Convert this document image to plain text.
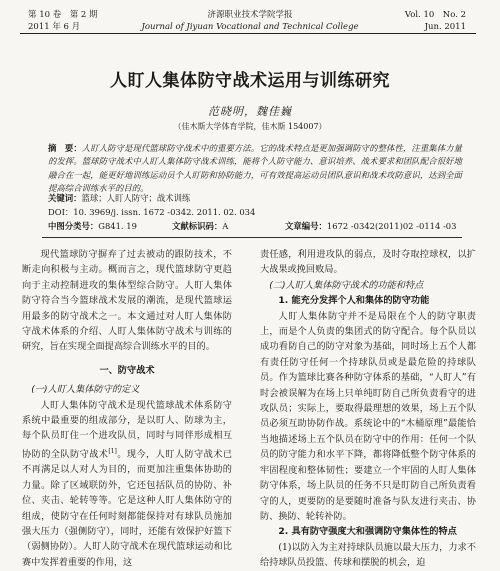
第 10 卷　第 2 期
2011 年 6 月
济源职业技术学院学报
Journal of Jiyuan Vocational and Technical College
Vol. 10　No. 2
Jun. 2011
人盯人集体防守战术运用与训练研究
范晓明，魏佳巍
（佳木斯大学体育学院，佳木斯 154007）
摘　要：人盯人防守是现代篮球防守战术中的重要方法。它的战术特点是更加强调防守的整体性，注重集体力量的发挥。篮球防守战术中人盯人集体防守战术训练，能将个人防守能力、意识培养、战术要求和团队配合很好地融合在一起，能更好地训练运动员个人盯防和协防能力，可有效提高运动员团队意识和战术攻防意识，达到全面提高综合训练水平的目的。
关键词：篮球；人盯人防守；战术训练
DOI：10. 3969/j. issn. 1672 -0342. 2011. 02. 034
中图分类号：G841. 19	文献标识码：A	文章编号：1672 -0342(2011)02 -0114 -03

现代篮球防守摒弃了过去被动的跟防技术，不断走向积极与主动。概而言之，现代篮球防守更趋向于主动控制进攻的集体型综合防守。人盯人集体防守符合当今篮球战术发展的潮流，是现代篮球运用最多的防守战术之一。本文通过对人盯人集体防守战术体系的介绍、人盯人集体防守战术与训练的研究，旨在实现全面提高综合训练水平的目的。

一、防守战术

(一)人盯人集体防守的定义

人盯人集体防守战术是现代篮球战术体系防守系统中最重要的组成部分，是以盯人、防球为主，每个队员盯住一个进攻队员，同时与同伴形成相互协防的全队防守战术[1]。现今，人盯人防守战术已不再满足以人对人为目的，而更加注重集体协助的力量。除了区域联防外，它还包括队员的协防、补位、夹击、轮转等等。它是这种人盯人集体防守的组成，使防守在任何时刻都能保持对有球队员施加强大压力（强侧防守），同时，还能有效保护好篮下（弱侧协防）。人盯人防守战术在现代篮球运动和比赛中发挥着重要的作用，这

责任感，利用进攻队的弱点，及时夺取控球权，以扩大战果或挽回败局。

(二)人盯人集体防守战术的功能和特点

1. 能充分发挥个人和集体的防守功能

人盯人集体防守并不是局限在个人的防守职责上，而是个人负责的集团式的防守配合。每个队员以成功看防自己的防守对象为基础，同时场上五个人都有责任防守任何一个持球队员或是最危险的持球队员。作为篮球比赛各种防守体系的基础，“人盯人”有时会被误解为在场上只单纯盯防自己所负责看守的进攻队员；实际上，要取得最理想的效果，场上五个队员必须互助协防作战。系统论中的“木桶原理”最能恰当地描述场上五个队员在防守中的作用：任何一个队员的防守能力和水平下降，都将降低整个防守体系的牢固程度和整体韧性；要建立一个牢固的人盯人集体防守体系，场上队员的任务不只是盯防自己所负责看守的人，更要防的是要随时准备与队友进行夹击、协防、换防、轮转补防。

2. 具有防守强度大和强调防守集体性的特点

(1)以防入为主对持球队员施以最大压力，力求不给持球队员投篮、传球和摆脱的机会，迫
